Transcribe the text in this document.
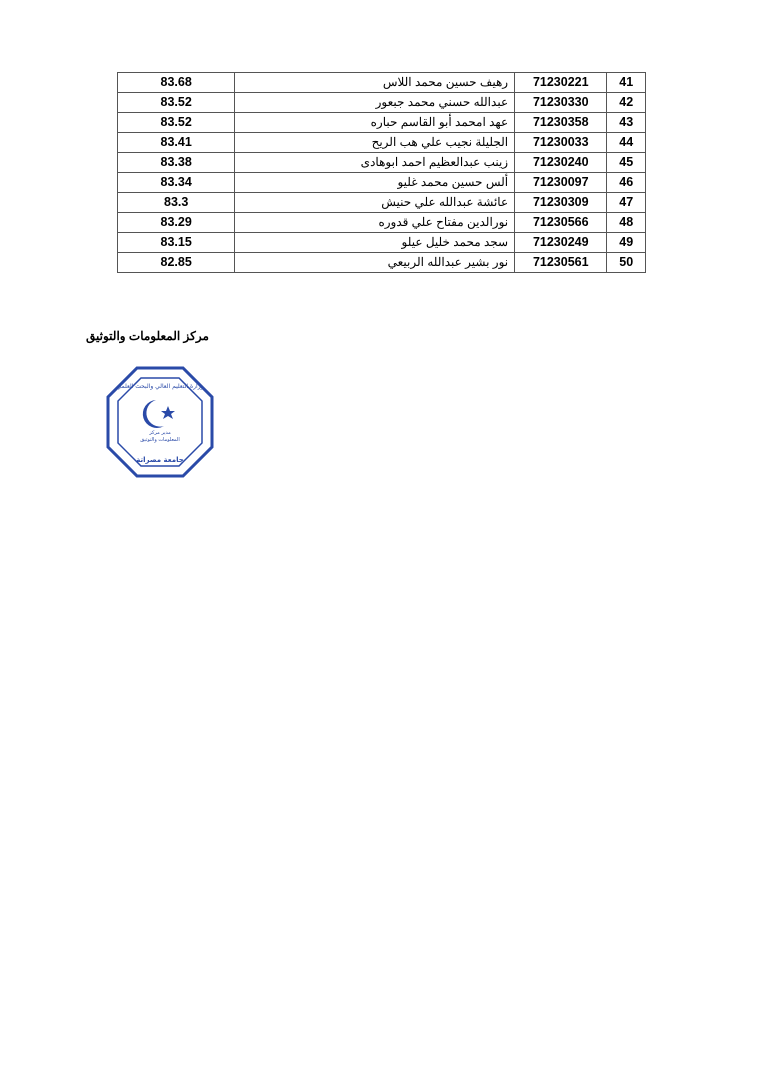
83.68	رهيف حسين محمد اللاس	71230221	41
83.52	عبدالله حسني محمد جبعور	71230330	42
83.52	عهد امحمد أبو القاسم حباره	71230358	43
83.41	الجليلة نجيب علي هب الريح	71230033	44
83.38	زينب عبدالعظيم احمد ابوهادى	71230240	45
83.34	ألس حسين محمد غليو	71230097	46
83.3	عائشة عبدالله علي حنيش	71230309	47
83.29	نورالدين مفتاح علي قدوره	71230566	48
83.15	سجد محمد خليل عيلو	71230249	49
82.85	نور بشير عبدالله الربيعي	71230561	50
مركز المعلومات والتوثيق
وزارة التعليم العالي والبحث العلمي
مدير مركز
المعلومات والتوثيق
جامعة مصراتة
